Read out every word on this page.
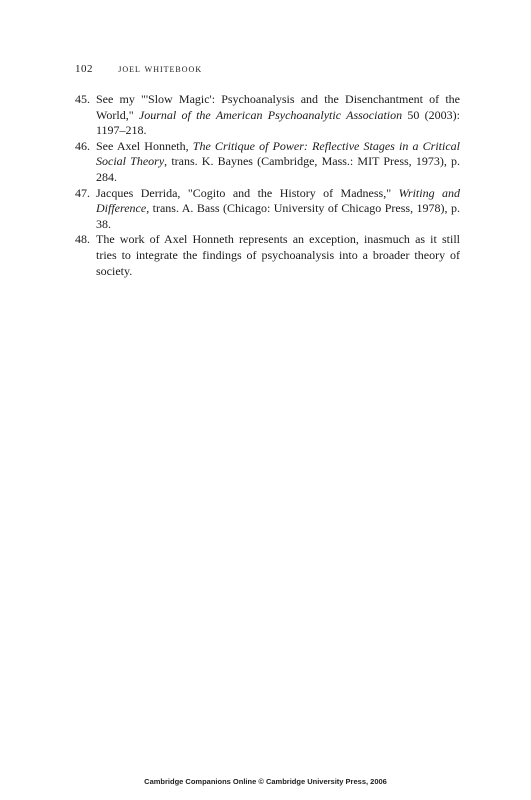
102 joel whitebook
45. See my "'Slow Magic': Psychoanalysis and the Disenchantment of the World," Journal of the American Psychoanalytic Association 50 (2003): 1197–218.
46. See Axel Honneth, The Critique of Power: Reflective Stages in a Critical Social Theory, trans. K. Baynes (Cambridge, Mass.: MIT Press, 1973), p. 284.
47. Jacques Derrida, "Cogito and the History of Madness," Writing and Difference, trans. A. Bass (Chicago: University of Chicago Press, 1978), p. 38.
48. The work of Axel Honneth represents an exception, inasmuch as it still tries to integrate the findings of psychoanalysis into a broader theory of society.
Cambridge Companions Online © Cambridge University Press, 2006
